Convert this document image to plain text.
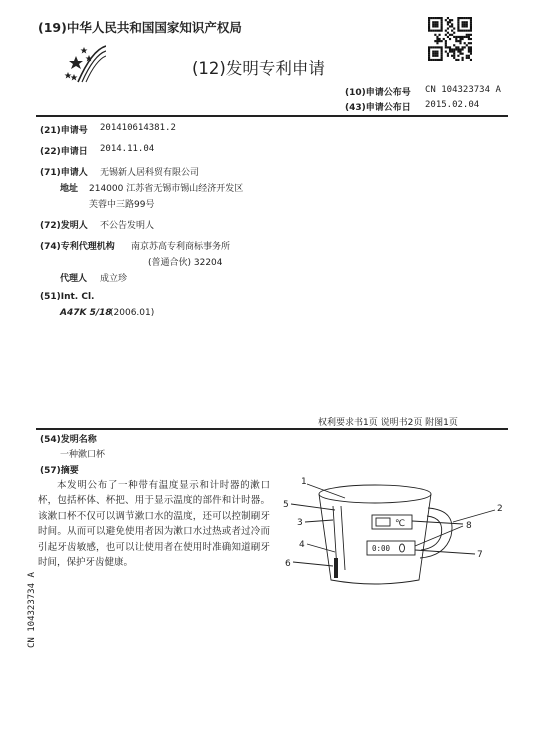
(19)中华人民共和国国家知识产权局
(12)发明专利申请
(10)申请公布号 CN 104323734 A
(43)申请公布日 2015.02.04
(21)申请号 201410614381.2
(22)申请日 2014.11.04
(71)申请人 无锡新人居科贸有限公司
地址 214000 江苏省无锡市锡山经济开发区
芙蓉中三路99号
(72)发明人 不公告发明人
(74)专利代理机构 南京苏高专利商标事务所
(普通合伙) 32204
代理人 成立珍
(51)Int. Cl.
A47K 5/18
(2006.01)
权利要求书1页 说明书2页 附图1页
(54)发明名称
一种漱口杯
(57)摘要
本发明公布了一种带有温度显示和计时器的漱口杯，包括杯体、杯把、用于显示温度的部件和计时器。该漱口杯不仅可以调节漱口水的温度，还可以控制刷牙时间。从而可以避免使用者因为漱口水过热或者过冷而引起牙齿敏感，也可以让使用者在使用时准确知道刷牙时间，保护牙齿健康。
℃
0:00
1
2
3
4
5
6
7
8
CN 104323734 A
